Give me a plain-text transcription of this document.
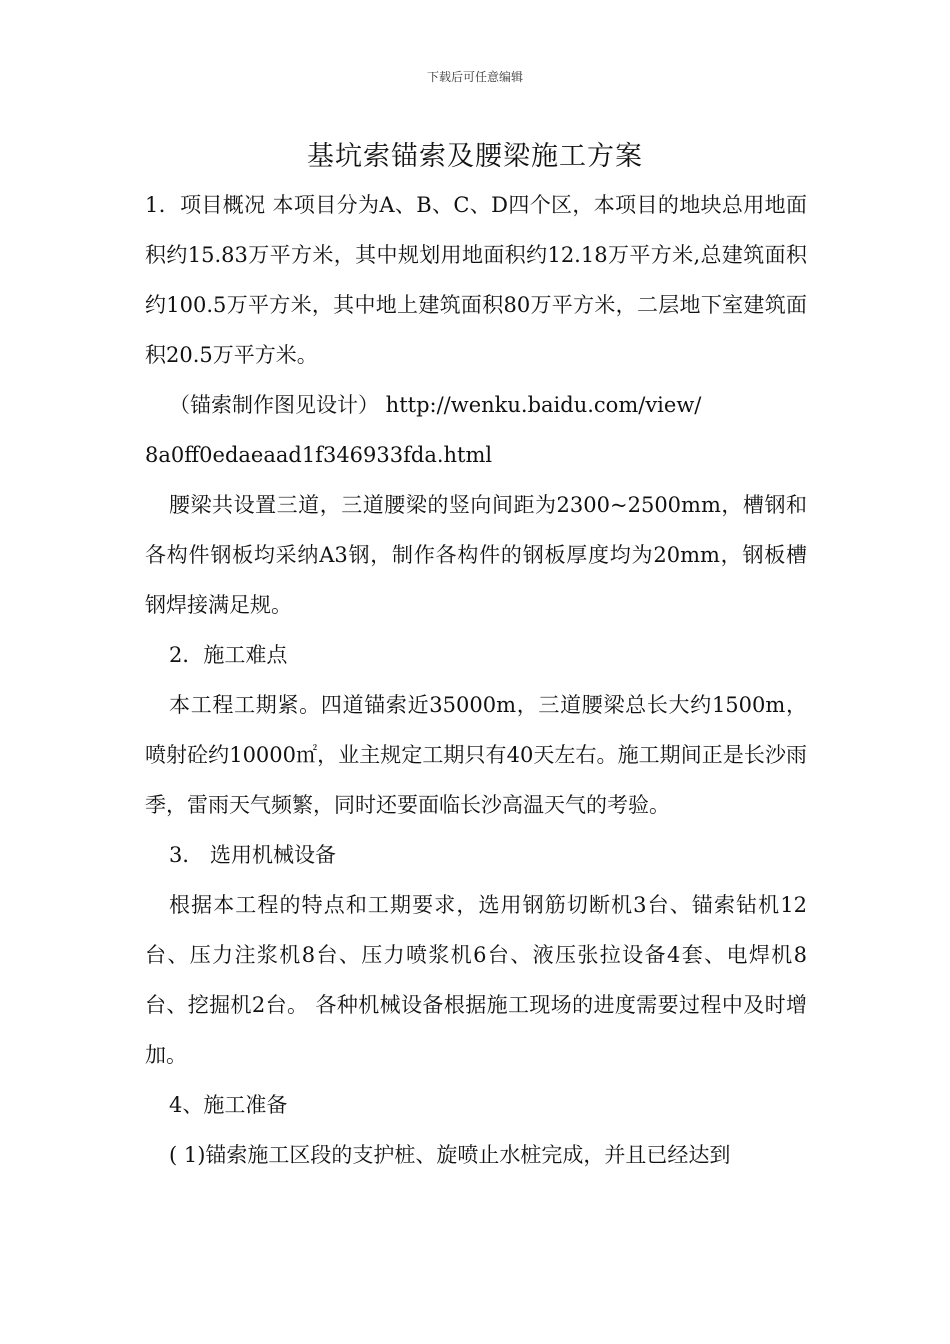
下载后可任意编辑
基坑索锚索及腰梁施工方案

1．项目概况 本项目分为A、B、C、D四个区，本项目的地块总用地面积约15.83万平方米，其中规划用地面积约12.18万平方米,总建筑面积约100.5万平方米，其中地上建筑面积80万平方米，二层地下室建筑面积20.5万平方米。

（锚索制作图见设计） http://wenku.baidu.com/view/

8a0ff0edaeaad1f346933fda.html

腰梁共设置三道，三道腰梁的竖向间距为2300~2500mm，槽钢和各构件钢板均采纳A3钢，制作各构件的钢板厚度均为20mm，钢板槽钢焊接满足规。

2．施工难点

本工程工期紧。四道锚索近35000m，三道腰梁总长大约1500m，喷射砼约10000㎡，业主规定工期只有40天左右。施工期间正是长沙雨季，雷雨天气频繁，同时还要面临长沙高温天气的考验。

3． 选用机械设备

根据本工程的特点和工期要求，选用钢筋切断机3台、锚索钻机12台、压力注浆机8台、压力喷浆机6台、液压张拉设备4套、电焊机8台、挖掘机2台。 各种机械设备根据施工现场的进度需要过程中及时增加。

4、施工准备

( 1)锚索施工区段的支护桩、旋喷止水桩完成，并且已经达到
